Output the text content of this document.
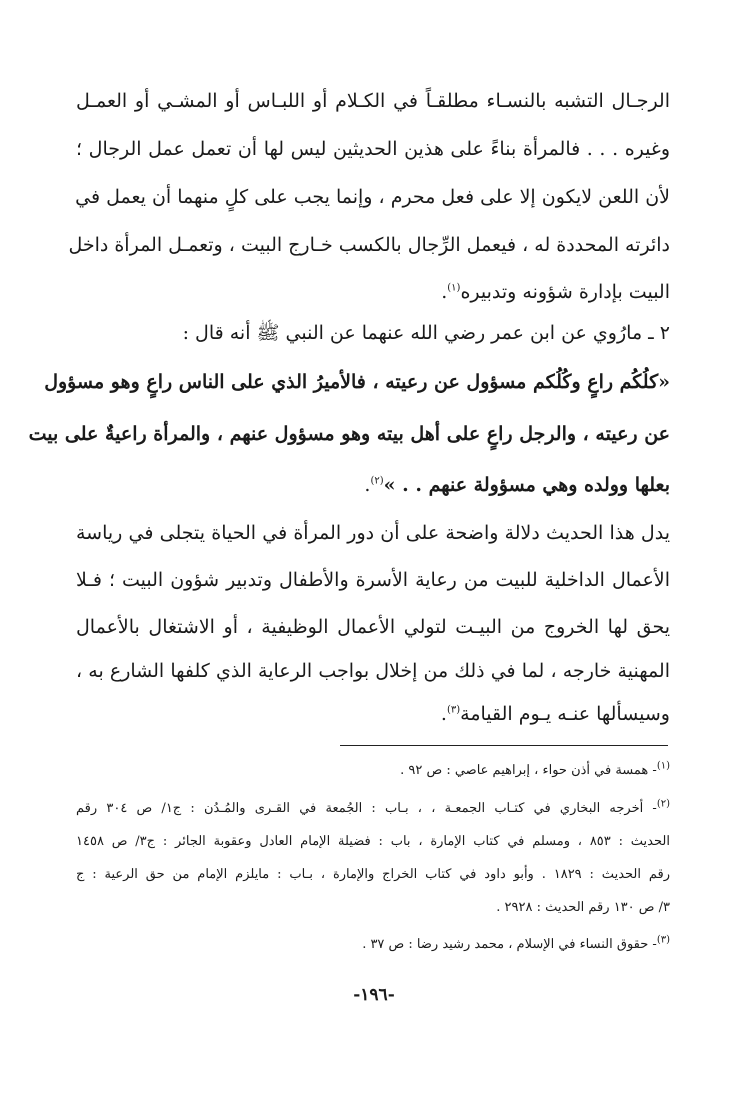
الرجـال التشبه بالنسـاء مطلقـاً في الكـلام أو اللبـاس أو المشـي أو العمـل
وغيره . . . فالمرأة بناءً على هذين الحديثين ليس لها أن تعمل عمل الرجال ؛
لأن اللعن لايكون إلا على فعل محرم ، وإنما يجب على كلٍ منهما أن يعمل في
دائرته المحددة له ، فيعمل الرِّجال بالكسب خـارج البيت ، وتعمـل المرأة داخل
البيت بإدارة شؤونه وتدبيره$^{(١)}$.
٢ ـ مارُوي عن ابن عمر رضي الله عنهما عن النبي ﷺ أنه قال :
«كلُكُم راعٍ وكُلُكم مسؤول عن رعيته ، فالأميرُ الذي على الناس راعٍ وهو مسؤول
عن رعيته ، والرجل راعٍ على أهل بيته وهو مسؤول عنهم ، والمرأة راعيةٌ على بيت
بعلها وولده وهي مسؤولة عنهم . . »$^{(٢)}$.
يدل هذا الحديث دلالة واضحة على أن دور المرأة في الحياة يتجلى في رياسة
الأعمال الداخلية للبيت من رعاية الأسرة والأطفال وتدبير شؤون البيت ؛ فـلا
يحق لها الخروج من البيـت لتولي الأعمال الوظيفية ، أو الاشتغال بالأعمال
المهنية خارجه ، لما في ذلك من إخلال بواجب الرعاية الذي كلفها الشارع به ،
وسيسألها عنـه يـوم القيامة$^{(٣)}$.
$^{(١)}$- همسة في أذن حواء ، إبراهيم عاصي : ص ٩٢ .
$^{(٢)}$- أخرجه البخاري في كتـاب الجمعـة ، ، بـاب : الجُمعة في القـرى والمُـدُن : ج١/ ص ٣٠٤ رقم
الحديث : ٨٥٣ ، ومسلم في كتاب الإمارة ، باب : فضيلة الإمام العادل وعقوبة الجائر : ج٣/ ص ١٤٥٨
رقم الحديث : ١٨٢٩ . وأبو داود في كتاب الخراج والإمارة ، بـاب : مايلزم الإمام من حق الرعية : ج
٣/ ص ١٣٠ رقم الحديث : ٢٩٢٨ .
$^{(٣)}$- حقوق النساء في الإسلام ، محمد رشيد رضا : ص ٣٧ .
-١٩٦-
